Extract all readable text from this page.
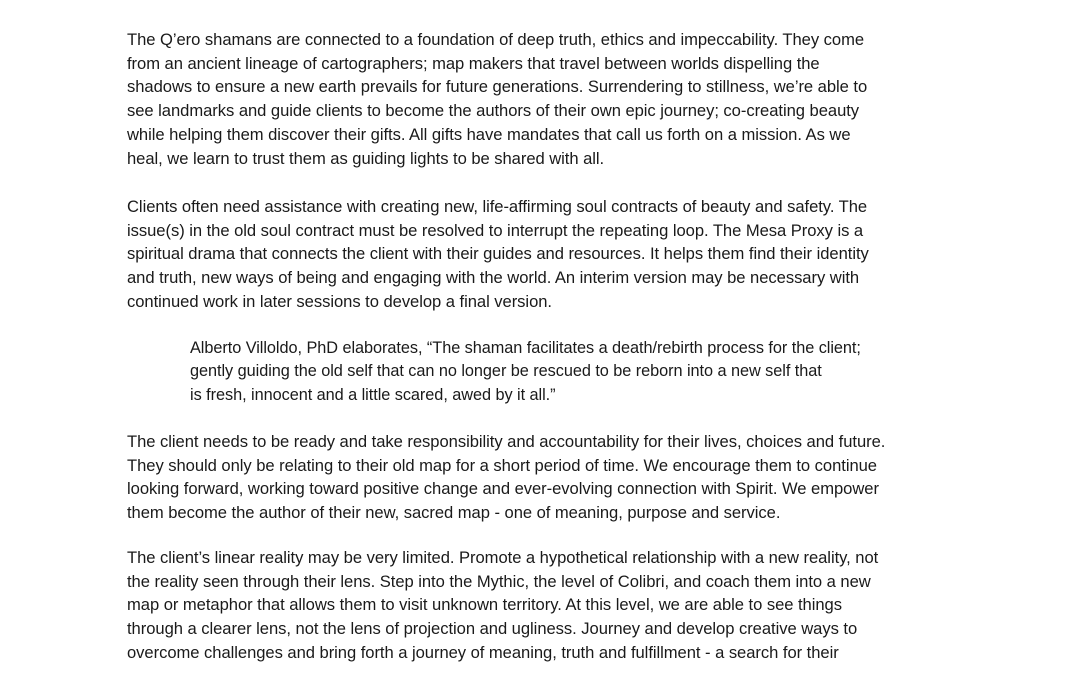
The Q’ero shamans are connected to a foundation of deep truth, ethics and impeccability. They come
from an ancient lineage of cartographers; map makers that travel between worlds dispelling the
shadows to ensure a new earth prevails for future generations. Surrendering to stillness, we’re able to
see landmarks and guide clients to become the authors of their own epic journey; co-creating beauty
while helping them discover their gifts. All gifts have mandates that call us forth on a mission. As we
heal, we learn to trust them as guiding lights to be shared with all.
Clients often need assistance with creating new, life-affirming soul contracts of beauty and safety. The
issue(s) in the old soul contract must be resolved to interrupt the repeating loop. The Mesa Proxy is a
spiritual drama that connects the client with their guides and resources. It helps them find their identity
and truth, new ways of being and engaging with the world. An interim version may be necessary with
continued work in later sessions to develop a final version.
Alberto Villoldo, PhD elaborates, “The shaman facilitates a death/rebirth process for the client;
gently guiding the old self that can no longer be rescued to be reborn into a new self that
is fresh, innocent and a little scared, awed by it all.”
The client needs to be ready and take responsibility and accountability for their lives, choices and future.
They should only be relating to their old map for a short period of time. We encourage them to continue
looking forward, working toward positive change and ever-evolving connection with Spirit. We empower
them become the author of their new, sacred map - one of meaning, purpose and service.
The client’s linear reality may be very limited. Promote a hypothetical relationship with a new reality, not
the reality seen through their lens. Step into the Mythic, the level of Colibri, and coach them into a new
map or metaphor that allows them to visit unknown territory. At this level, we are able to see things
through a clearer lens, not the lens of projection and ugliness. Journey and develop creative ways to
overcome challenges and bring forth a journey of meaning, truth and fulfillment - a search for their
